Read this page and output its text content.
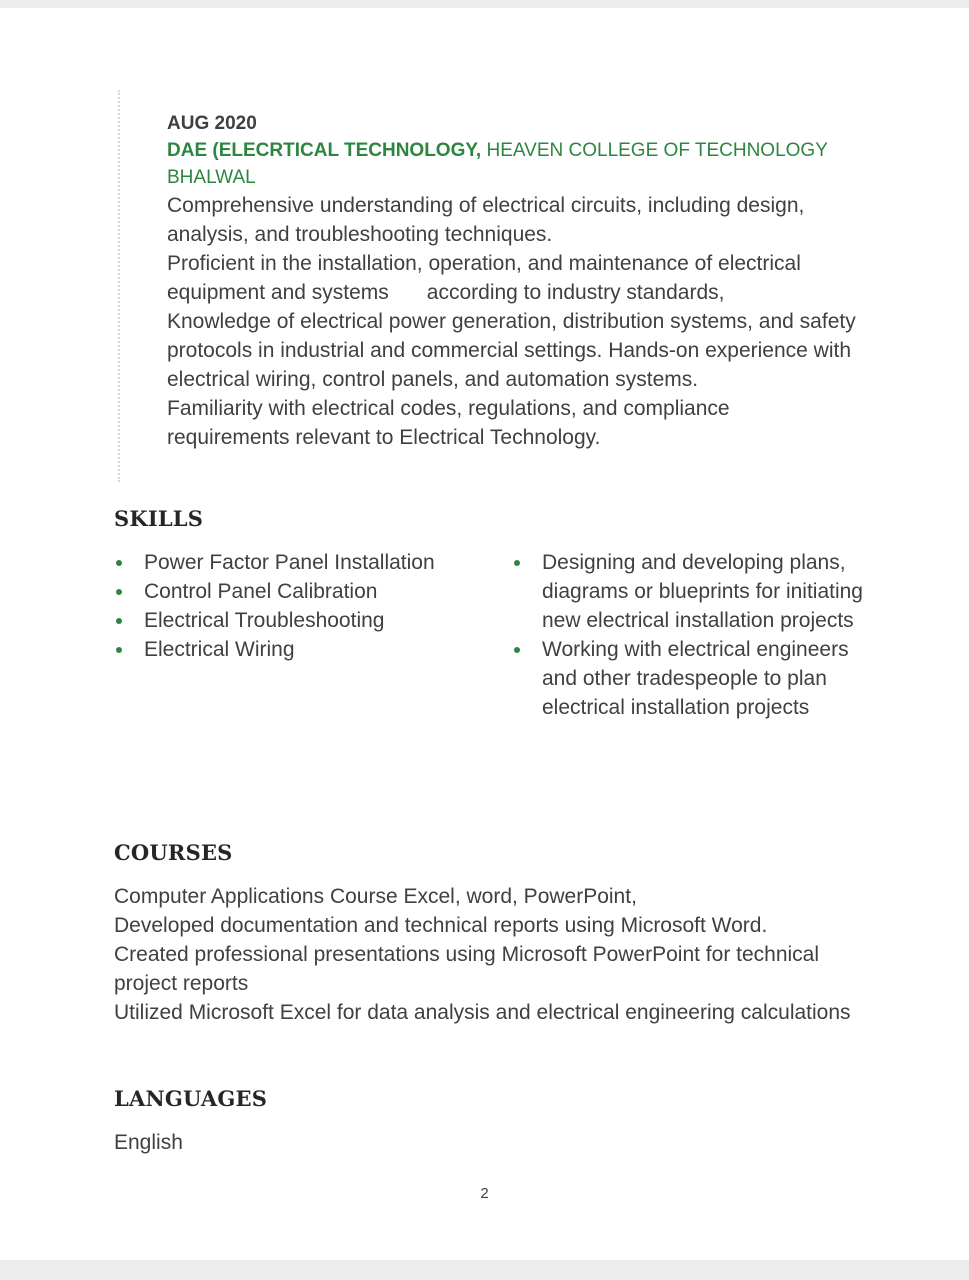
AUG 2020
DAE (ELECRTICAL TECHNOLOGY, HEAVEN COLLEGE OF TECHNOLOGY BHALWAL

Comprehensive understanding of electrical circuits, including design, analysis, and troubleshooting techniques.

Proficient in the installation, operation, and maintenance of electrical equipment and systems according to industry standards,

Knowledge of electrical power generation, distribution systems, and safety protocols in industrial and commercial settings. Hands-on experience with electrical wiring, control panels, and automation systems.

Familiarity with electrical codes, regulations, and compliance requirements relevant to Electrical Technology.

SKILLS
Power Factor Panel Installation
Control Panel Calibration
Electrical Troubleshooting
Electrical Wiring
Designing and developing plans, diagrams or blueprints for initiating new electrical installation projects
Working with electrical engineers and other tradespeople to plan electrical installation projects
COURSES

Computer Applications Course Excel, word, PowerPoint,

Developed documentation and technical reports using Microsoft Word.

Created professional presentations using Microsoft PowerPoint for technical project reports

Utilized Microsoft Excel for data analysis and electrical engineering calculations

LANGUAGES

English

2
